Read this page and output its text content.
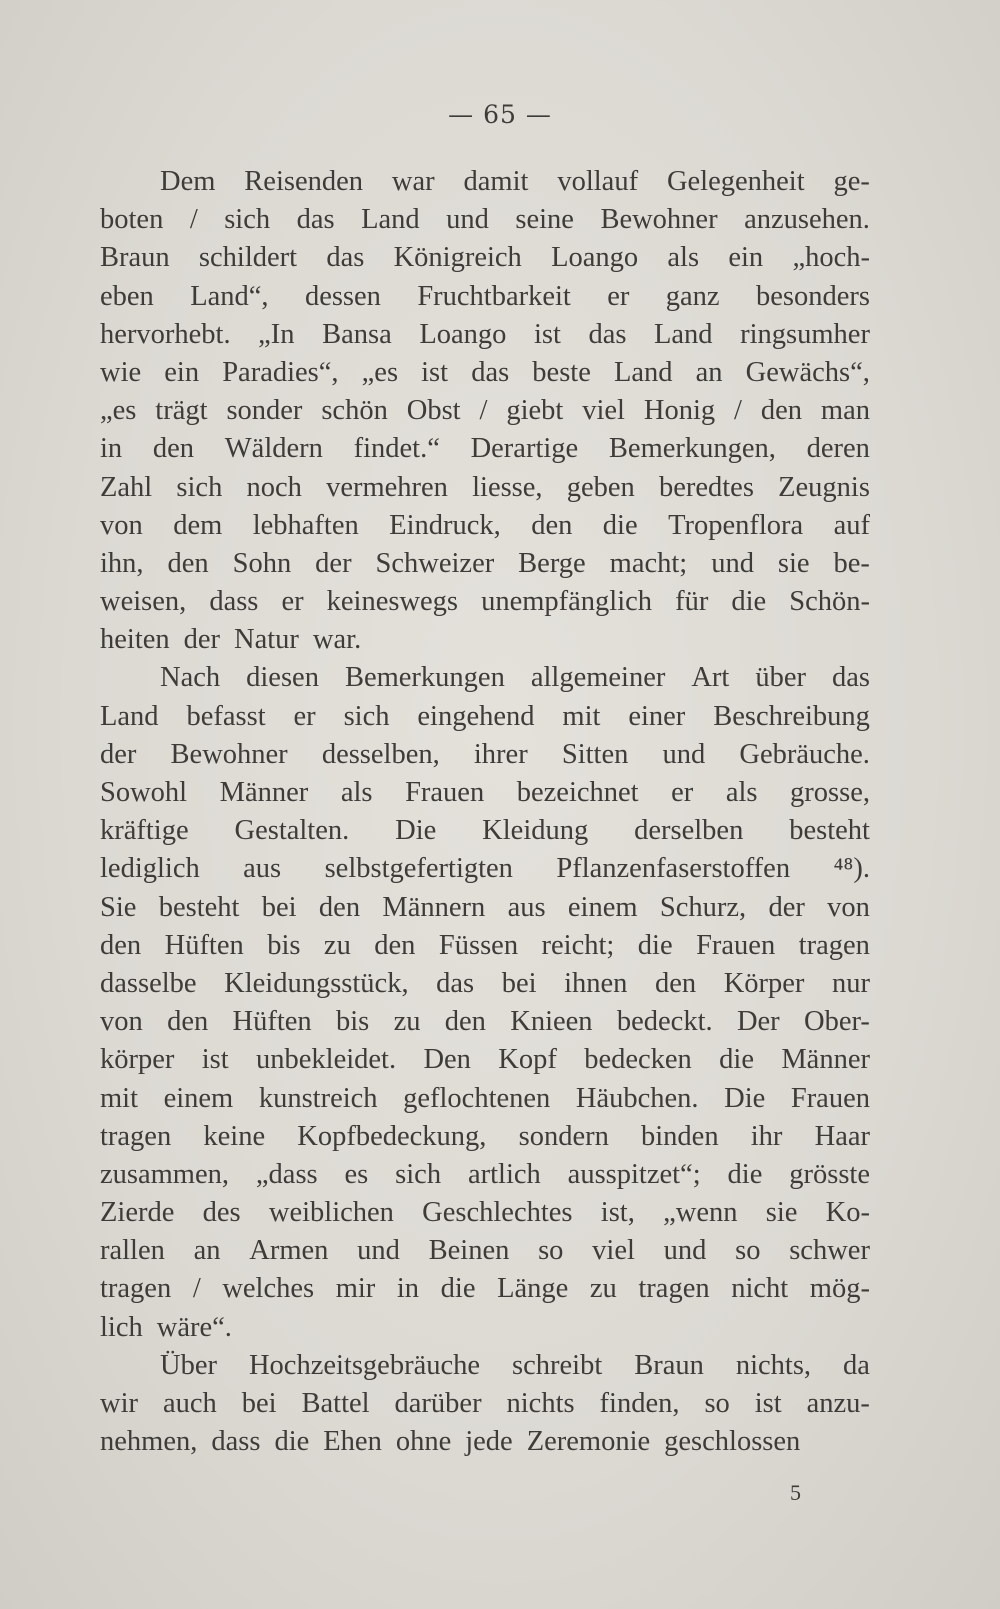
— 65 —
Dem Reisenden war damit vollauf Gelegenheit ge-
boten / sich das Land und seine Bewohner anzusehen.
Braun schildert das Königreich Loango als ein „hoch-
eben Land“, dessen Fruchtbarkeit er ganz besonders
hervorhebt. „In Bansa Loango ist das Land ringsumher
wie ein Paradies“, „es ist das beste Land an Gewächs“,
„es trägt sonder schön Obst / giebt viel Honig / den man
in den Wäldern findet.“ Derartige Bemerkungen, deren
Zahl sich noch vermehren liesse, geben beredtes Zeugnis
von dem lebhaften Eindruck, den die Tropenflora auf
ihn, den Sohn der Schweizer Berge macht; und sie be-
weisen, dass er keineswegs unempfänglich für die Schön-
heiten der Natur war.
Nach diesen Bemerkungen allgemeiner Art über das
Land befasst er sich eingehend mit einer Beschreibung
der Bewohner desselben, ihrer Sitten und Gebräuche.
Sowohl Männer als Frauen bezeichnet er als grosse,
kräftige Gestalten. Die Kleidung derselben besteht
lediglich aus selbstgefertigten Pflanzenfaserstoffen ⁴⁸).
Sie besteht bei den Männern aus einem Schurz, der von
den Hüften bis zu den Füssen reicht; die Frauen tragen
dasselbe Kleidungsstück, das bei ihnen den Körper nur
von den Hüften bis zu den Knieen bedeckt. Der Ober-
körper ist unbekleidet. Den Kopf bedecken die Männer
mit einem kunstreich geflochtenen Häubchen. Die Frauen
tragen keine Kopfbedeckung, sondern binden ihr Haar
zusammen, „dass es sich artlich ausspitzet“; die grösste
Zierde des weiblichen Geschlechtes ist, „wenn sie Ko-
rallen an Armen und Beinen so viel und so schwer
tragen / welches mir in die Länge zu tragen nicht mög-
lich wäre“.
Über Hochzeitsgebräuche schreibt Braun nichts, da
wir auch bei Battel darüber nichts finden, so ist anzu-
nehmen, dass die Ehen ohne jede Zeremonie geschlossen
5
